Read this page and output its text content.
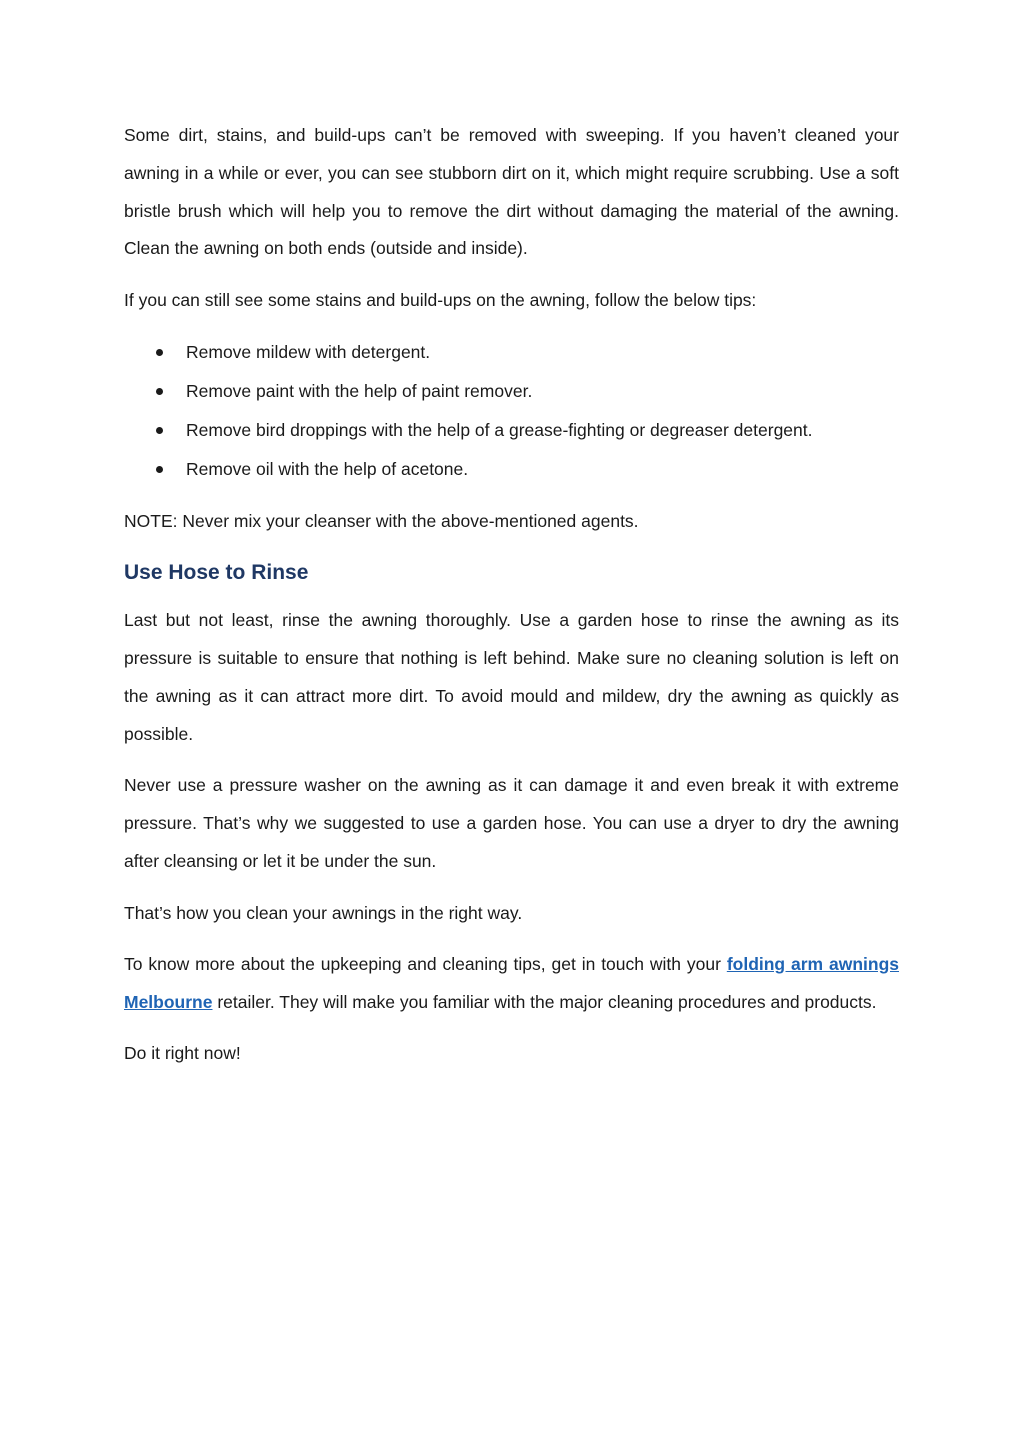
Some dirt, stains, and build-ups can’t be removed with sweeping. If you haven’t cleaned your awning in a while or ever, you can see stubborn dirt on it, which might require scrubbing. Use a soft bristle brush which will help you to remove the dirt without damaging the material of the awning. Clean the awning on both ends (outside and inside).

If you can still see some stains and build-ups on the awning, follow the below tips:

Remove mildew with detergent.
Remove paint with the help of paint remover.
Remove bird droppings with the help of a grease-fighting or degreaser detergent.
Remove oil with the help of acetone.

NOTE: Never mix your cleanser with the above-mentioned agents.

Use Hose to Rinse

Last but not least, rinse the awning thoroughly. Use a garden hose to rinse the awning as its pressure is suitable to ensure that nothing is left behind. Make sure no cleaning solution is left on the awning as it can attract more dirt. To avoid mould and mildew, dry the awning as quickly as possible.

Never use a pressure washer on the awning as it can damage it and even break it with extreme pressure. That’s why we suggested to use a garden hose. You can use a dryer to dry the awning after cleansing or let it be under the sun.

That’s how you clean your awnings in the right way.

To know more about the upkeeping and cleaning tips, get in touch with your folding arm awnings Melbourne retailer. They will make you familiar with the major cleaning procedures and products.

Do it right now!
